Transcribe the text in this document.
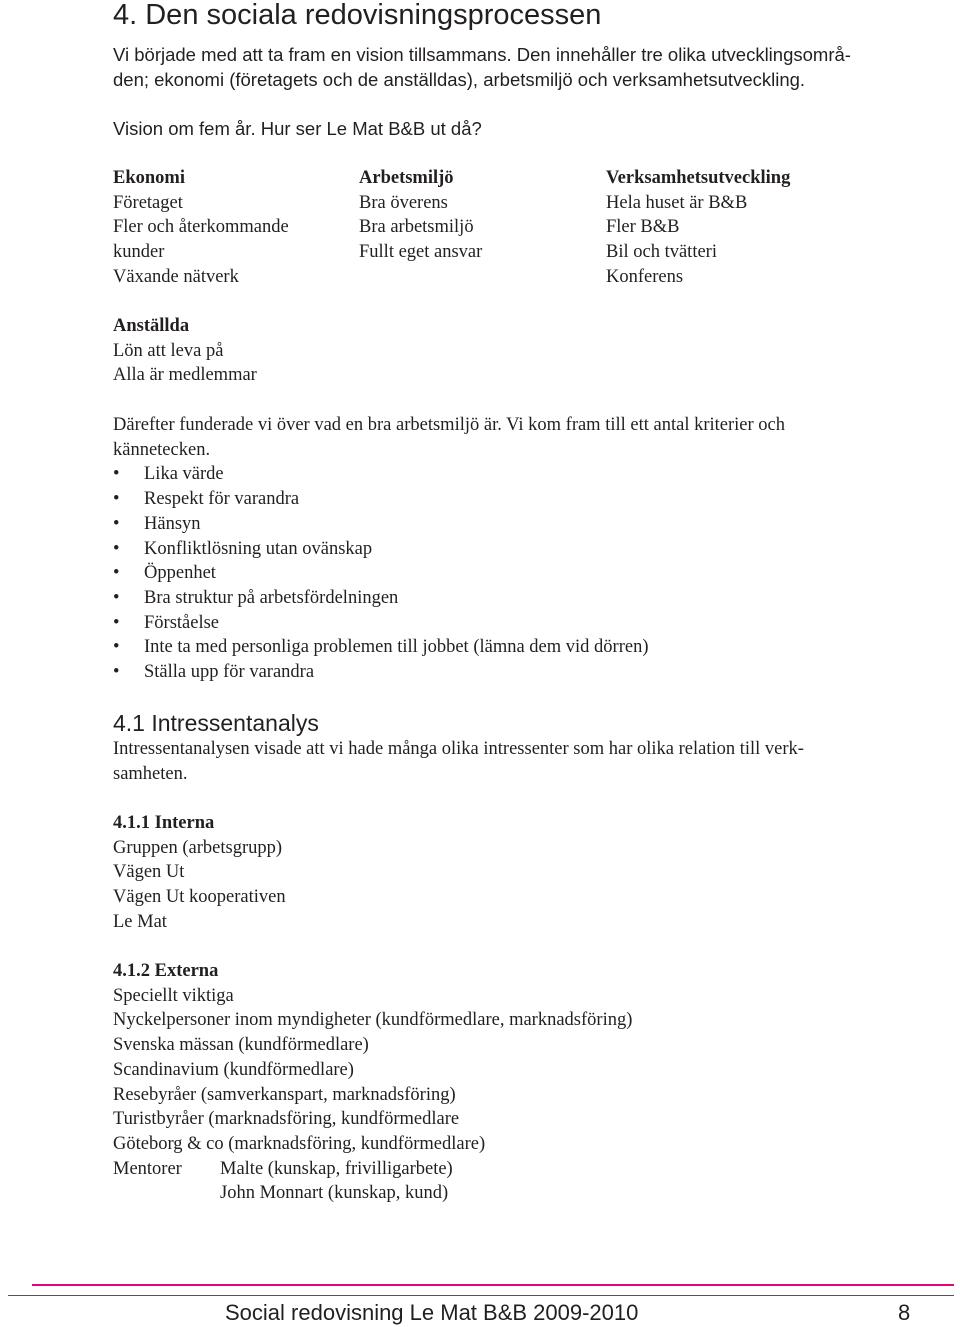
4. Den sociala redovisningsprocessen
Vi började med att ta fram en vision tillsammans. Den innehåller tre olika utvecklingsområ-
den; ekonomi (företagets och de anställdas), arbetsmiljö och verksamhetsutveckling.

Vision om fem år. Hur ser Le Mat B&B ut då?
Ekonomi
Företaget
Fler och återkommande
kunder
Växande nätverk
Arbetsmiljö
Bra överens
Bra arbetsmiljö
Fullt eget ansvar
Verksamhetsutveckling
Hela huset är B&B
Fler B&B
Bil och tvätteri
Konferens
Anställda
Lön att leva på
Alla är medlemmar
Därefter funderade vi över vad en bra arbetsmiljö är. Vi kom fram till ett antal kriterier och
kännetecken.
• Lika värde
• Respekt för varandra
• Hänsyn
• Konfliktlösning utan ovänskap
• Öppenhet
• Bra struktur på arbetsfördelningen
• Förståelse
• Inte ta med personliga problemen till jobbet (lämna dem vid dörren)
• Ställa upp för varandra
4.1 Intressentanalys
Intressentanalysen visade att vi hade många olika intressenter som har olika relation till verk-
samheten.
4.1.1 Interna
Gruppen (arbetsgrupp)
Vägen Ut
Vägen Ut kooperativen
Le Mat
4.1.2 Externa
Speciellt viktiga
Nyckelpersoner inom myndigheter (kundförmedlare, marknadsföring)
Svenska mässan (kundförmedlare)
Scandinavium (kundförmedlare)
Resebyråer (samverkanspart, marknadsföring)
Turistbyråer (marknadsföring, kundförmedlare
Göteborg & co (marknadsföring, kundförmedlare)
Mentorer Malte (kunskap, frivilligarbete)
John Monnart (kunskap, kund)
Social redovisning Le Mat B&B 2009-2010	8
